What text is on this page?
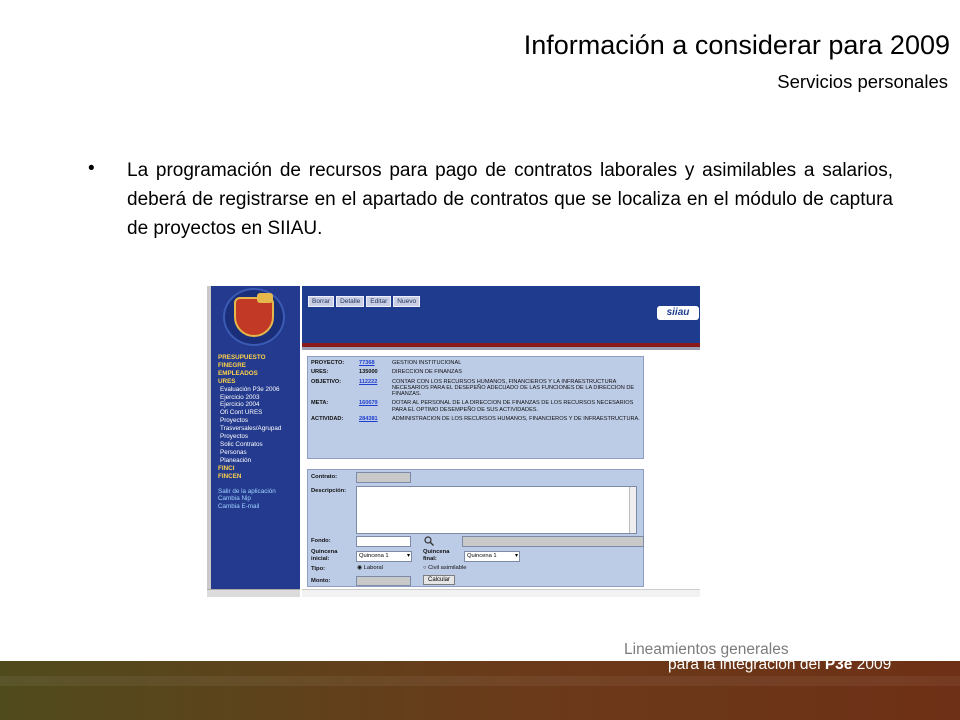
Información a considerar para 2009
Servicios personales
• La programación de recursos para pago de contratos laborales y asimilables a salarios, deberá de registrarse en el apartado de contratos que se localiza en el módulo de captura de proyectos en SIIAU.
PRESUPUESTO
FINEGRE
EMPLEADOS
URES
Evaluación P3e 2006
Ejercicio 2003
Ejercicio 2004
Ofi Cont URES
Proyectos
Trasversales/Agrupad
Proyectos
Solic Contratos
Personas
Planeación
FINCI
FINCEN
Salir de la aplicación
Cambia Nip
Cambia E-mail
Borrar	Detalle	Editar	Nuevo
siiau
PROYECTO:	77368	GESTION INSTITUCIONAL
URES:	135000	DIRECCION DE FINANZAS
OBJETIVO:	112222	CONTAR CON LOS RECURSOS HUMANOS, FINANCIEROS Y LA INFRAESTRUCTURA NECESARIOS PARA EL DESEPEÑO ADECUADO DE LAS FUNCIONES DE LA DIRECCION DE FINANZAS.
META:	160679	DOTAR AL PERSONAL DE LA DIRECCION DE FINANZAS DE LOS RECURSOS NECESARIOS PARA EL OPTIMO DESEMPEÑO DE SUS ACTIVIDADES.
ACTIVIDAD:	284381	ADMINISTRACION DE LOS RECURSOS HUMANOS, FINANCIEROS Y DE INFRAESTRUCTURA.
Contrato:
Descripción:
Fondo:
Quincena
inicial:	Quincena 1 ▾
Quincena
final:	Quincena 1 ▾
Tipo:	◉ Laboral	○ Civil asimilable
Monto:	Calcular
Lineamientos generales
para la integración del P3e 2009
